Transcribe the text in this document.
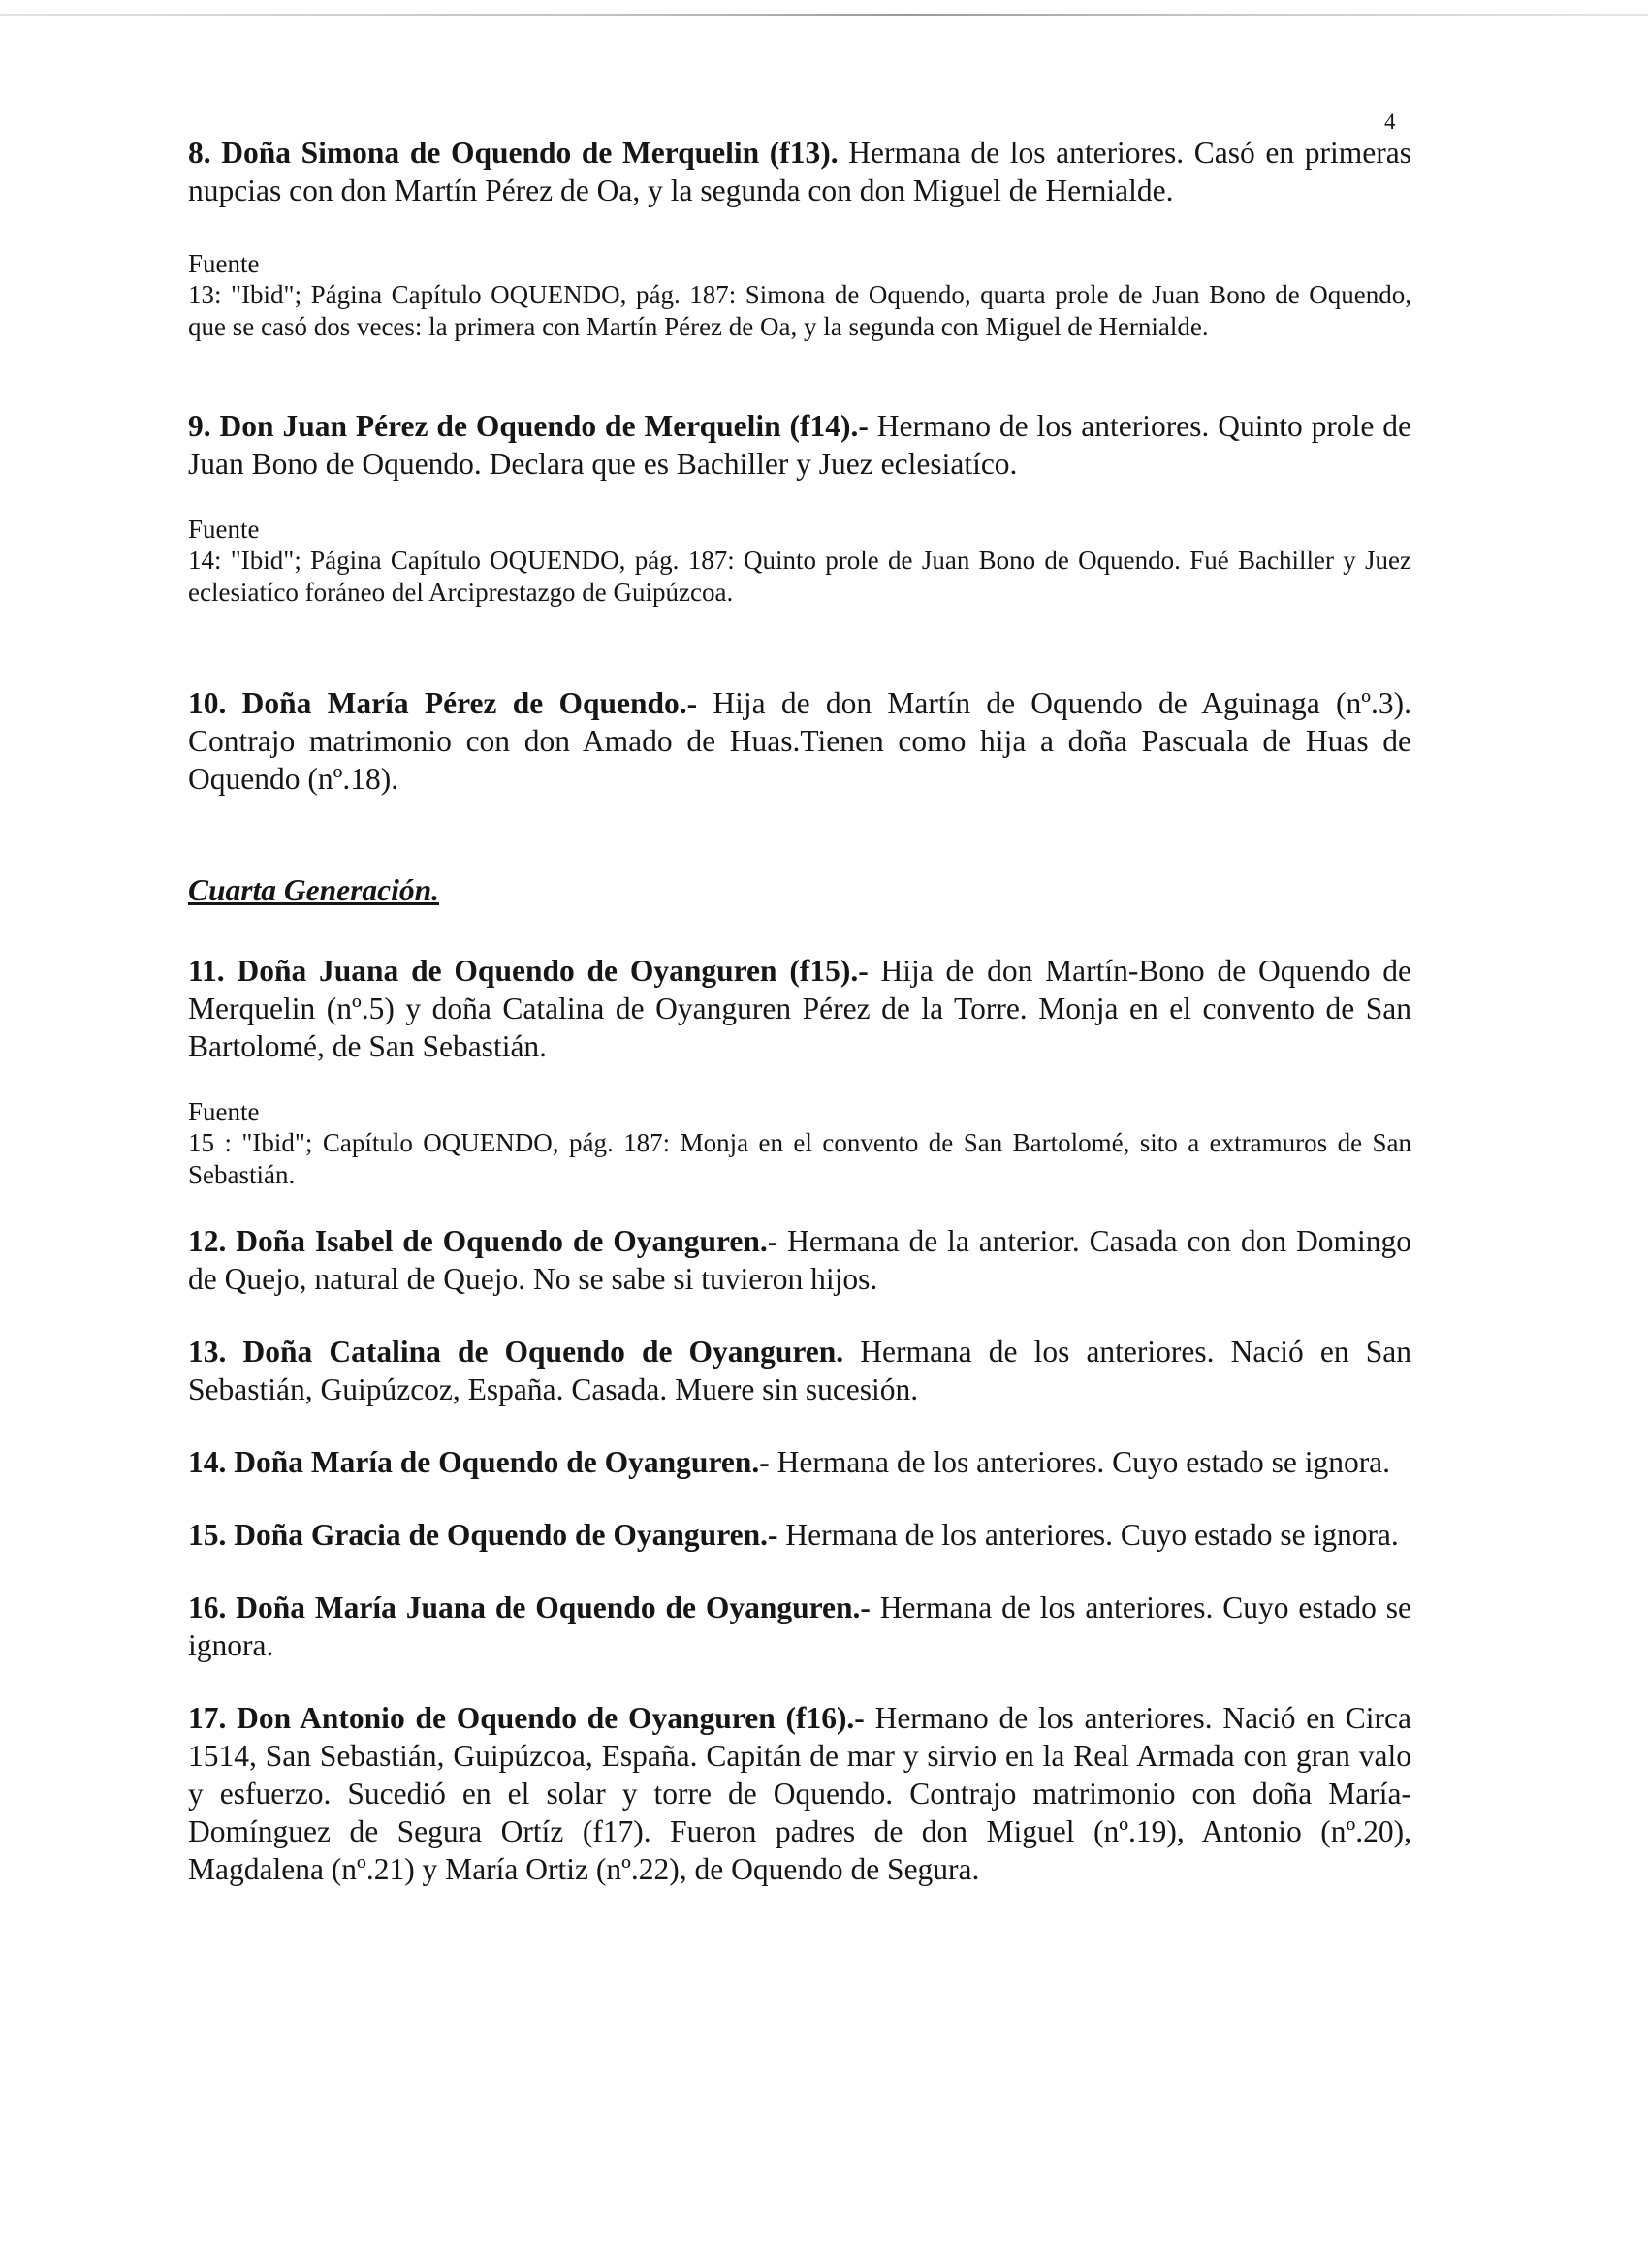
4

8. Doña Simona de Oquendo de Merquelin (f13). Hermana de los anteriores. Casó en primeras nupcias con don Martín Pérez de Oa, y la segunda con don Miguel de Hernialde.

Fuente

13: "Ibid"; Página Capítulo OQUENDO, pág. 187: Simona de Oquendo, quarta prole de Juan Bono de Oquendo, que se casó dos veces: la primera con Martín Pérez de Oa, y la segunda con Miguel de Hernialde.

9. Don Juan Pérez de Oquendo de Merquelin (f14).- Hermano de los anteriores. Quinto prole de Juan Bono de Oquendo. Declara que es Bachiller y Juez eclesiatíco.

Fuente

14: "Ibid"; Página Capítulo OQUENDO, pág. 187: Quinto prole de Juan Bono de Oquendo. Fué Bachiller y Juez eclesiatíco foráneo del Arciprestazgo de Guipúzcoa.

10. Doña María Pérez de Oquendo.- Hija de don Martín de Oquendo de Aguinaga (nº.3). Contrajo matrimonio con don Amado de Huas.Tienen como hija a doña Pascuala de Huas de Oquendo (nº.18).

Cuarta Generación.

11. Doña Juana de Oquendo de Oyanguren (f15).- Hija de don Martín-Bono de Oquendo de Merquelin (nº.5) y doña Catalina de Oyanguren Pérez de la Torre. Monja en el convento de San Bartolomé, de San Sebastián.

Fuente

15 : "Ibid"; Capítulo OQUENDO, pág. 187: Monja en el convento de San Bartolomé, sito a extramuros de San Sebastián.

12. Doña Isabel de Oquendo de Oyanguren.- Hermana de la anterior. Casada con don Domingo de Quejo, natural de Quejo. No se sabe si tuvieron hijos.

13. Doña Catalina de Oquendo de Oyanguren. Hermana de los anteriores. Nació en San Sebastián, Guipúzcoz, España. Casada. Muere sin sucesión.

14. Doña María de Oquendo de Oyanguren.- Hermana de los anteriores. Cuyo estado se ignora.

15. Doña Gracia de Oquendo de Oyanguren.- Hermana de los anteriores. Cuyo estado se ignora.

16. Doña María Juana de Oquendo de Oyanguren.- Hermana de los anteriores. Cuyo estado se ignora.

17. Don Antonio de Oquendo de Oyanguren (f16).- Hermano de los anteriores. Nació en Circa 1514, San Sebastián, Guipúzcoa, España. Capitán de mar y sirvio en la Real Armada con gran valo y esfuerzo. Sucedió en el solar y torre de Oquendo. Contrajo matrimonio con doña María-Domínguez de Segura Ortíz (f17). Fueron padres de don Miguel (nº.19), Antonio (nº.20), Magdalena (nº.21) y María Ortiz (nº.22), de Oquendo de Segura.
